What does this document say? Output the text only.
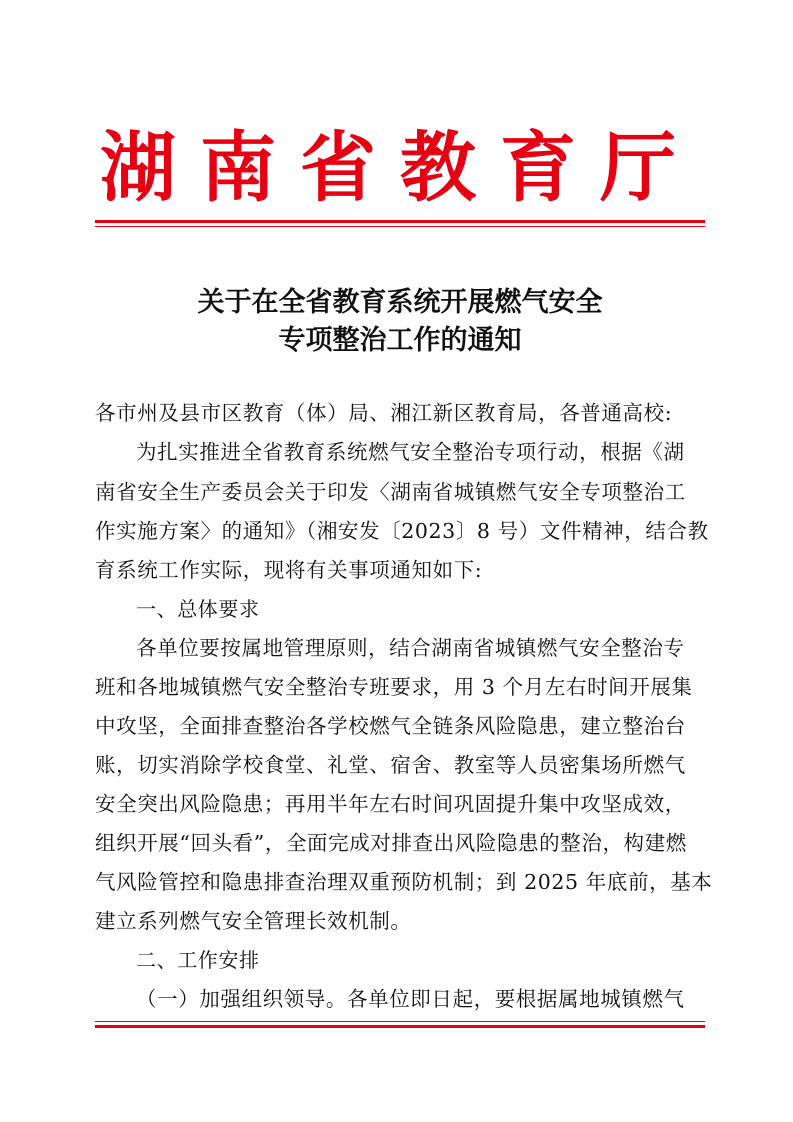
湖南省教育厅
关于在全省教育系统开展燃气安全
专项整治工作的通知
各市州及县市区教育（体）局、湘江新区教育局，各普通高校:
为扎实推进全省教育系统燃气安全整治专项行动，根据《湖
南省安全生产委员会关于印发〈湖南省城镇燃气安全专项整治工
作实施方案〉的通知》（湘安发〔2023〕8 号）文件精神，结合教
育系统工作实际，现将有关事项通知如下:
一、总体要求
各单位要按属地管理原则，结合湖南省城镇燃气安全整治专
班和各地城镇燃气安全整治专班要求，用 3 个月左右时间开展集
中攻坚，全面排查整治各学校燃气全链条风险隐患，建立整治台
账，切实消除学校食堂、礼堂、宿舍、教室等人员密集场所燃气
安全突出风险隐患；再用半年左右时间巩固提升集中攻坚成效，
组织开展“回头看”，全面完成对排查出风险隐患的整治，构建燃
气风险管控和隐患排查治理双重预防机制；到 2025 年底前，基本
建立系列燃气安全管理长效机制。
二、工作安排
（一）加强组织领导。各单位即日起，要根据属地城镇燃气
